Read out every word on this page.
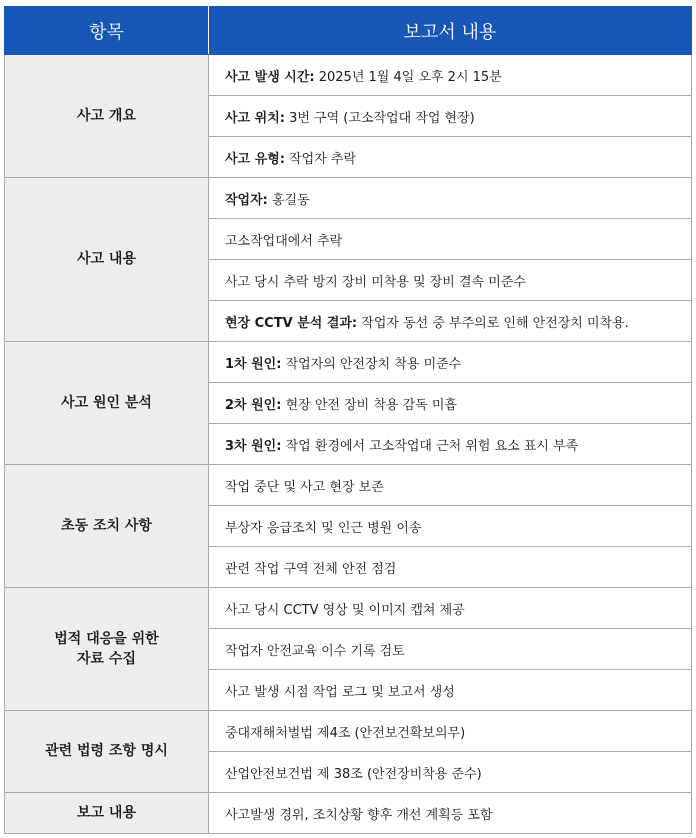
항목	보고서 내용
사고 개요	사고 발생 시간: 2025년 1월 4일 오후 2시 15분
	사고 위치: 3번 구역 (고소작업대 작업 현장)
	사고 유형: 작업자 추락
사고 내용	작업자: 홍길동
	고소작업대에서 추락
	사고 당시 추락 방지 장비 미착용 및 장비 결속 미준수
	현장 CCTV 분석 결과: 작업자 동선 중 부주의로 인해 안전장치 미착용.
사고 원인 분석	1차 원인: 작업자의 안전장치 착용 미준수
	2차 원인: 현장 안전 장비 착용 감독 미흡
	3차 원인: 작업 환경에서 고소작업대 근처 위험 요소 표시 부족
초동 조치 사항	작업 중단 및 사고 현장 보존
	부상자 응급조치 및 인근 병원 이송
	관련 작업 구역 전체 안전 점검
법적 대응을 위한
자료 수집	사고 당시 CCTV 영상 및 이미지 캡쳐 제공
	작업자 안전교육 이수 기록 검토
	사고 발생 시점 작업 로그 및 보고서 생성
관련 법령 조항 명시	중대재해처벌법 제4조 (안전보건확보의무)
	산업안전보건법 제 38조 (안전장비착용 준수)
보고 내용	사고발생 경위, 조치상황 향후 개선 계획등 포함
